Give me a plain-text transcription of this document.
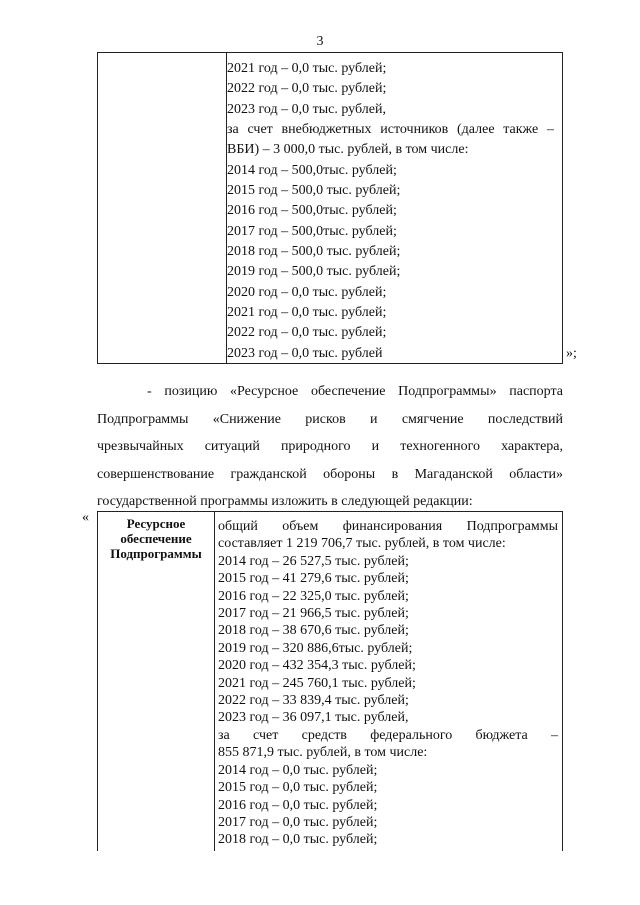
3
2021 год – 0,0 тыс. рублей;
2022 год – 0,0 тыс. рублей;
2023 год – 0,0 тыс. рублей,
за счет внебюджетных источников (далее также –
ВБИ) – 3 000,0 тыс. рублей, в том числе:
2014 год – 500,0тыс. рублей;
2015 год – 500,0 тыс. рублей;
2016 год – 500,0тыс. рублей;
2017 год – 500,0тыс. рублей;
2018 год – 500,0 тыс. рублей;
2019 год – 500,0 тыс. рублей;
2020 год – 0,0 тыс. рублей;
2021 год – 0,0 тыс. рублей;
2022 год – 0,0 тыс. рублей;
2023 год – 0,0 тыс. рублей	»;
- позицию «Ресурсное обеспечение Подпрограммы» паспорта
Подпрограммы «Снижение рисков и смягчение последствий
чрезвычайных ситуаций природного и техногенного характера,
совершенствование гражданской обороны в Магаданской области»
государственной программы изложить в следующей редакции:
«	Ресурсное
обеспечение
Подпрограммы
общий объем финансирования Подпрограммы
составляет 1 219 706,7 тыс. рублей, в том числе:
2014 год – 26 527,5 тыс. рублей;
2015 год – 41 279,6 тыс. рублей;
2016 год – 22 325,0 тыс. рублей;
2017 год – 21 966,5 тыс. рублей;
2018 год – 38 670,6 тыс. рублей;
2019 год – 320 886,6тыс. рублей;
2020 год – 432 354,3 тыс. рублей;
2021 год – 245 760,1 тыс. рублей;
2022 год – 33 839,4 тыс. рублей;
2023 год – 36 097,1 тыс. рублей,
за счет средств федерального бюджета –
855 871,9 тыс. рублей, в том числе:
2014 год – 0,0 тыс. рублей;
2015 год – 0,0 тыс. рублей;
2016 год – 0,0 тыс. рублей;
2017 год – 0,0 тыс. рублей;
2018 год – 0,0 тыс. рублей;
